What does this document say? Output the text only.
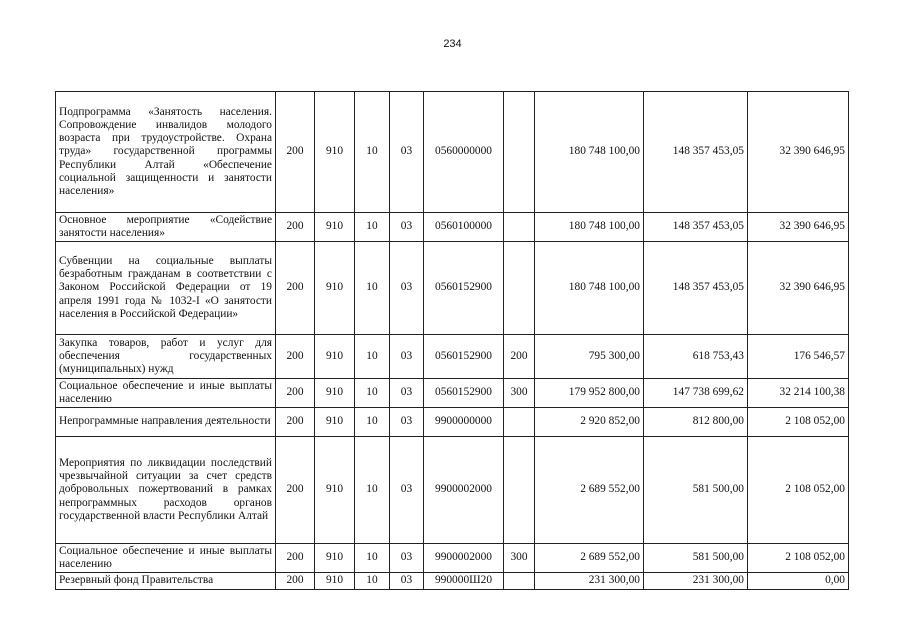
234
Подпрограмма «Занятость населения. Сопровождение инвалидов молодого возраста при трудоустройстве. Охрана труда» государственной программы Республики Алтай «Обеспечение социальной защищенности и занятости населения»	200	910	10	03	0560000000		180 748 100,00	148 357 453,05	32 390 646,95
Основное мероприятие «Содействие занятости населения»	200	910	10	03	0560100000		180 748 100,00	148 357 453,05	32 390 646,95
Субвенции на социальные выплаты безработным гражданам в соответствии с Законом Российской Федерации от 19 апреля 1991 года № 1032-I «О занятости населения в Российской Федерации»	200	910	10	03	0560152900		180 748 100,00	148 357 453,05	32 390 646,95
Закупка товаров, работ и услуг для обеспечения государственных (муниципальных) нужд	200	910	10	03	0560152900	200	795 300,00	618 753,43	176 546,57
Социальное обеспечение и иные выплаты населению	200	910	10	03	0560152900	300	179 952 800,00	147 738 699,62	32 214 100,38
Непрограммные направления деятельности	200	910	10	03	9900000000		2 920 852,00	812 800,00	2 108 052,00
Мероприятия по ликвидации последствий чрезвычайной ситуации за счет средств добровольных пожертвований в рамках непрограммных расходов органов государственной власти Республики Алтай	200	910	10	03	9900002000		2 689 552,00	581 500,00	2 108 052,00
Социальное обеспечение и иные выплаты населению	200	910	10	03	9900002000	300	2 689 552,00	581 500,00	2 108 052,00
Резервный фонд Правительства	200	910	10	03	990000Ш20		231 300,00	231 300,00	0,00
